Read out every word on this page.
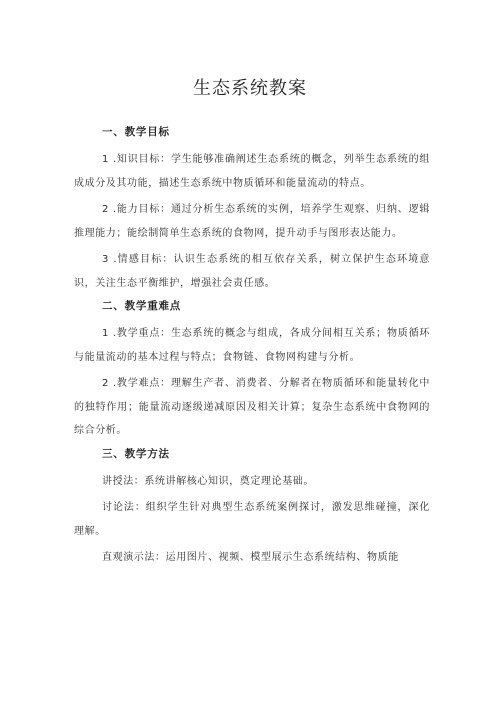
生态系统教案
一、教学目标
1 .知识目标：学生能够准确阐述生态系统的概念，列举生态系统的组成成分及其功能，描述生态系统中物质循环和能量流动的特点。
2 .能力目标：通过分析生态系统的实例，培养学生观察、归纳、逻辑推理能力；能绘制简单生态系统的食物网，提升动手与图形表达能力。
3 .情感目标：认识生态系统的相互依存关系，树立保护生态环境意识，关注生态平衡维护，增强社会责任感。
二、教学重难点
1 .教学重点：生态系统的概念与组成，各成分间相互关系；物质循环与能量流动的基本过程与特点；食物链、食物网构建与分析。
2 .教学难点：理解生产者、消费者、分解者在物质循环和能量转化中的独特作用；能量流动逐级递减原因及相关计算；复杂生态系统中食物网的综合分析。
三、教学方法
讲授法：系统讲解核心知识，奠定理论基础。
讨论法：组织学生针对典型生态系统案例探讨，激发思维碰撞，深化理解。
直观演示法：运用图片、视频、模型展示生态系统结构、物质能
